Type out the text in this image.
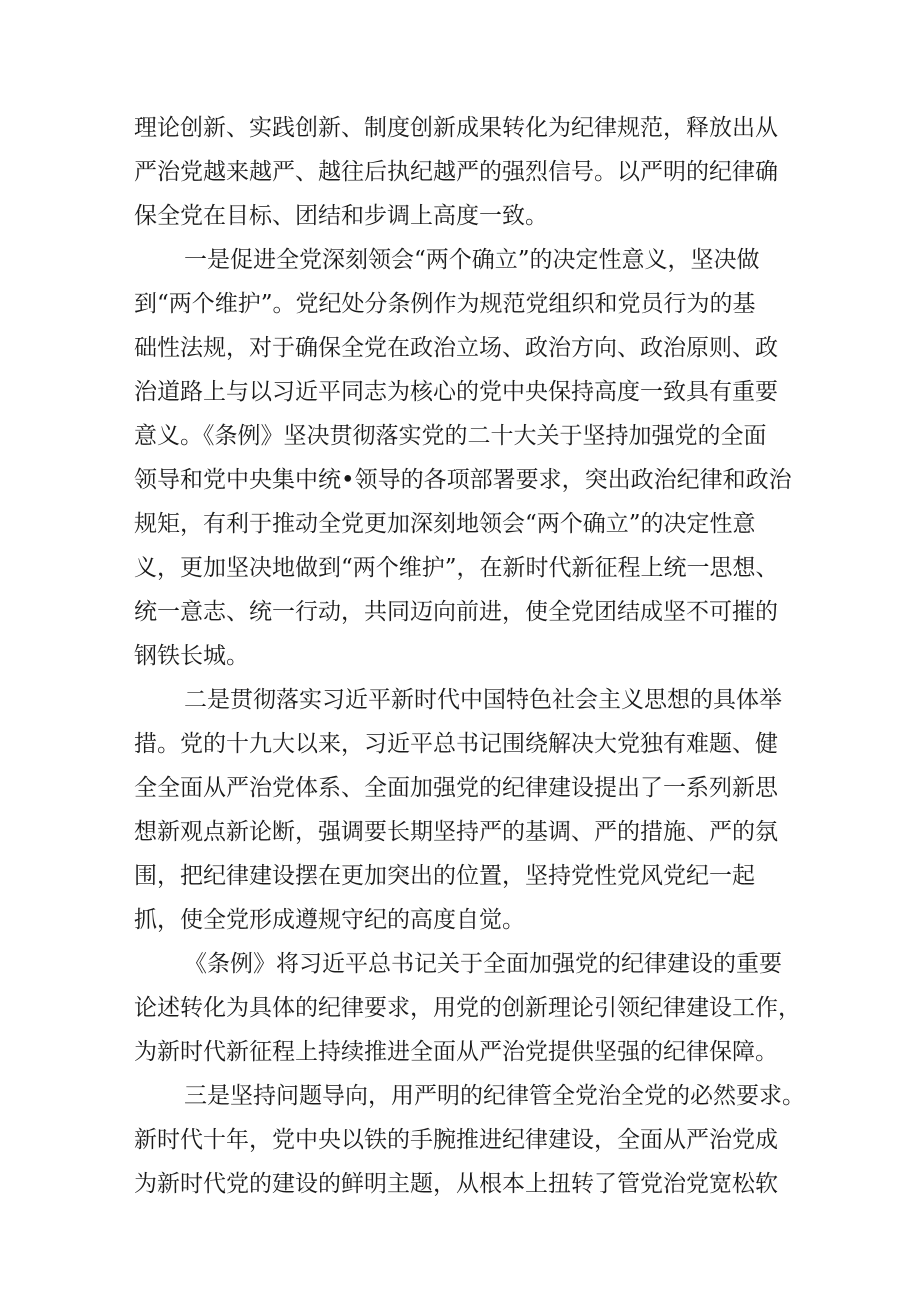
理论创新、实践创新、制度创新成果转化为纪律规范，释放出从
严治党越来越严、越往后执纪越严的强烈信号。以严明的纪律确
保全党在目标、团结和步调上高度一致。
一是促进全党深刻领会“两个确立”的决定性意义，坚决做
到“两个维护”。党纪处分条例作为规范党组织和党员行为的基
础性法规，对于确保全党在政治立场、政治方向、政治原则、政
治道路上与以习近平同志为核心的党中央保持高度一致具有重要
意义。《条例》坚决贯彻落实党的二十大关于坚持加强党的全面
领导和党中央集中统•领导的各项部署要求，突出政治纪律和政治
规矩，有利于推动全党更加深刻地领会“两个确立”的决定性意
义，更加坚决地做到“两个维护”，在新时代新征程上统一思想、
统一意志、统一行动，共同迈向前进，使全党团结成坚不可摧的
钢铁长城。
二是贯彻落实习近平新时代中国特色社会主义思想的具体举
措。党的十九大以来，习近平总书记围绕解决大党独有难题、健
全全面从严治党体系、全面加强党的纪律建设提出了一系列新思
想新观点新论断，强调要长期坚持严的基调、严的措施、严的氛
围，把纪律建设摆在更加突出的位置，坚持党性党风党纪一起
抓，使全党形成遵规守纪的高度自觉。
《条例》将习近平总书记关于全面加强党的纪律建设的重要
论述转化为具体的纪律要求，用党的创新理论引领纪律建设工作，
为新时代新征程上持续推进全面从严治党提供坚强的纪律保障。
三是坚持问题导向，用严明的纪律管全党治全党的必然要求。
新时代十年，党中央以铁的手腕推进纪律建设，全面从严治党成
为新时代党的建设的鲜明主题，从根本上扭转了管党治党宽松软
